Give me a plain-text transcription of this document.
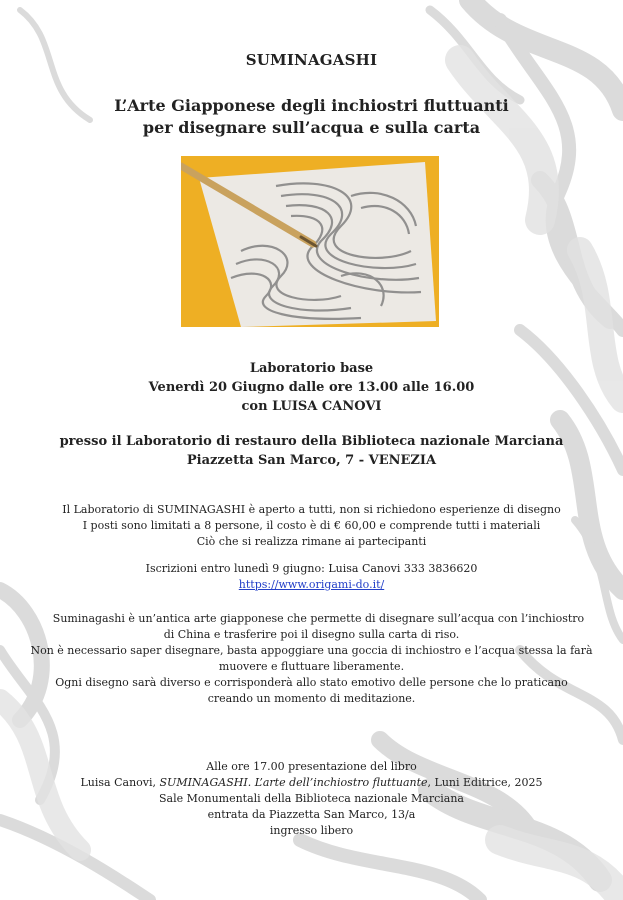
SUMINAGASHI
L’Arte Giapponese degli inchiostri fluttuanti
per disegnare sull’acqua e sulla carta
Laboratorio base
Venerdì 20 Giugno dalle ore 13.00 alle 16.00
con LUISA CANOVI
presso il Laboratorio di restauro della Biblioteca nazionale Marciana
Piazzetta San Marco, 7 - VENEZIA
Il Laboratorio di SUMINAGASHI è aperto a tutti, non si richiedono esperienze di disegno
I posti sono limitati a 8 persone, il costo è di € 60,00 e comprende tutti i materiali
Ciò che si realizza rimane ai partecipanti
Iscrizioni entro lunedì 9 giugno: Luisa Canovi 333 3836620
https://www.origami-do.it/
Suminagashi è un’antica arte giapponese che permette di disegnare sull’acqua con l’inchiostro
di China e trasferire poi il disegno sulla carta di riso.
Non è necessario saper disegnare, basta appoggiare una goccia di inchiostro e l’acqua stessa la farà
muovere e fluttuare liberamente.
Ogni disegno sarà diverso e corrisponderà allo stato emotivo delle persone che lo praticano
creando un momento di meditazione.
Alle ore 17.00 presentazione del libro
Luisa Canovi, SUMINAGASHI. L’arte dell’inchiostro fluttuante, Luni Editrice, 2025
Sale Monumentali della Biblioteca nazionale Marciana
entrata da Piazzetta San Marco, 13/a
ingresso libero
